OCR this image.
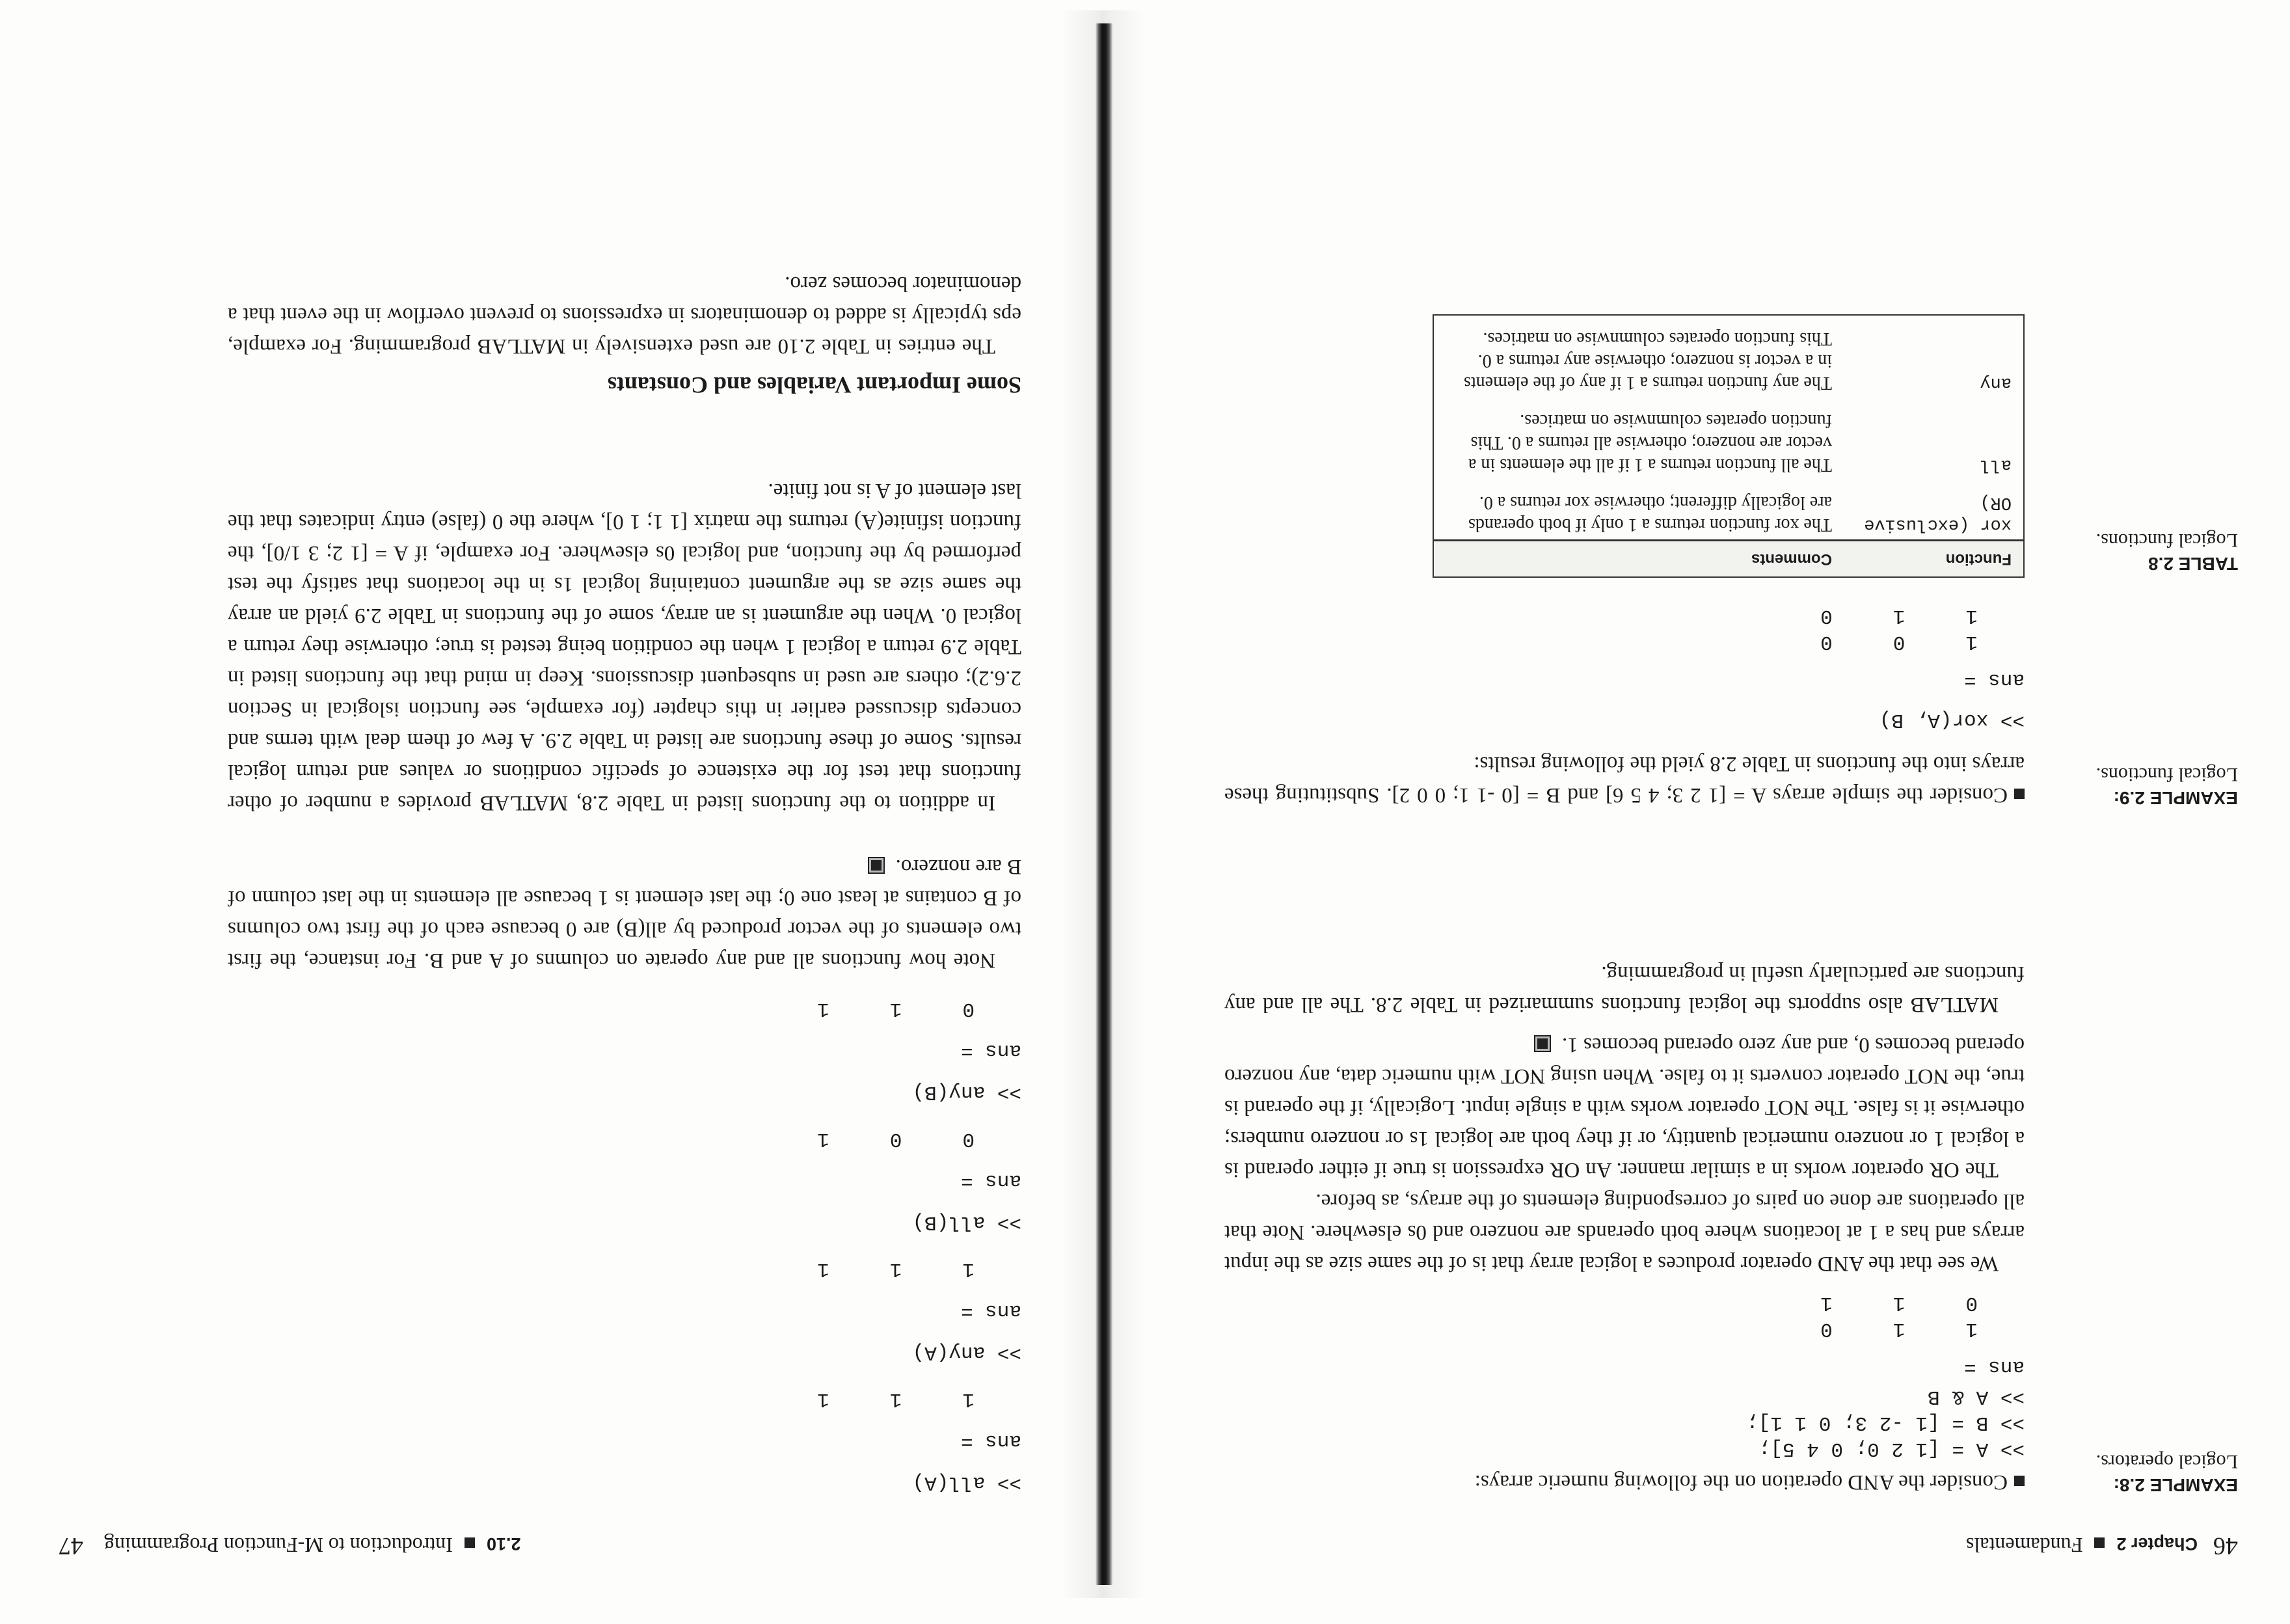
46   Chapter 2  Fundamentals
EXAMPLE 2.8:
Logical operators.

Consider the AND operation on the following numeric arrays:

>> A = [1 2 0; 0 4 5];
>> B = [1 -2 3; 0 1 1];
>> A & B
ans =
1     1     0
0     1     1

We see that the AND operator produces a logical array that is of the same size as the input arrays and has a 1 at locations where both operands are nonzero and 0s elsewhere. Note that all operations are done on pairs of corresponding elements of the arrays, as before.

The OR operator works in a similar manner. An OR expression is true if either operand is a logical 1 or nonzero numerical quantity, or if they both are logical 1s or nonzero numbers; otherwise it is false. The NOT operator works with a single input. Logically, if the operand is true, the NOT operator converts it to false. When using NOT with numeric data, any nonzero operand becomes 0, and any zero operand becomes 1.

MATLAB also supports the logical functions summarized in Table 2.8. The all and any functions are particularly useful in programming.

EXAMPLE 2.9:
Logical functions.

Consider the simple arrays A = [1 2 3; 4 5 6] and B = [0 -1 1; 0 0 2]. Substituting these arrays into the functions in Table 2.8 yield the following results:

>> xor(A, B)
ans =
1     0     0
1     1     0
TABLE 2.8
Logical functions.
Function	Comments
xor (exclusive OR)	The xor function returns a 1 only if both operands are logically different; otherwise xor returns a 0.
all	The all function returns a 1 if all the elements in a vector are nonzero; otherwise all returns a 0. This function operates columnwise on matrices.
any	The any function returns a 1 if any of the elements in a vector is nonzero; otherwise any returns a 0. This function operates columnwise on matrices.
2.10  Introduction to M-Function Programming    47
>> all(A)
ans =
1     1     1
>> any(A)
ans =
1     1     1
>> all(B)
ans =
0     0     1
>> any(B)
ans =
0     1     1

Note how functions all and any operate on columns of A and B. For instance, the first two elements of the vector produced by all(B) are 0 because each of the first two columns of B contains at least one 0; the last element is 1 because all elements in the last column of B are nonzero.

In addition to the functions listed in Table 2.8, MATLAB provides a number of other functions that test for the existence of specific conditions or values and return logical results. Some of these functions are listed in Table 2.9. A few of them deal with terms and concepts discussed earlier in this chapter (for example, see function islogical in Section 2.6.2); others are used in subsequent discussions. Keep in mind that the functions listed in Table 2.9 return a logical 1 when the condition being tested is true; otherwise they return a logical 0. When the argument is an array, some of the functions in Table 2.9 yield an array the same size as the argument containing logical 1s in the locations that satisfy the test performed by the function, and logical 0s elsewhere. For example, if A = [1 2; 3 1/0], the function isfinite(A) returns the matrix [1 1; 1 0], where the 0 (false) entry indicates that the last element of A is not finite.

Some Important Variables and Constants

The entries in Table 2.10 are used extensively in MATLAB programming. For example, eps typically is added to denominators in expressions to prevent overflow in the event that a denominator becomes zero.
